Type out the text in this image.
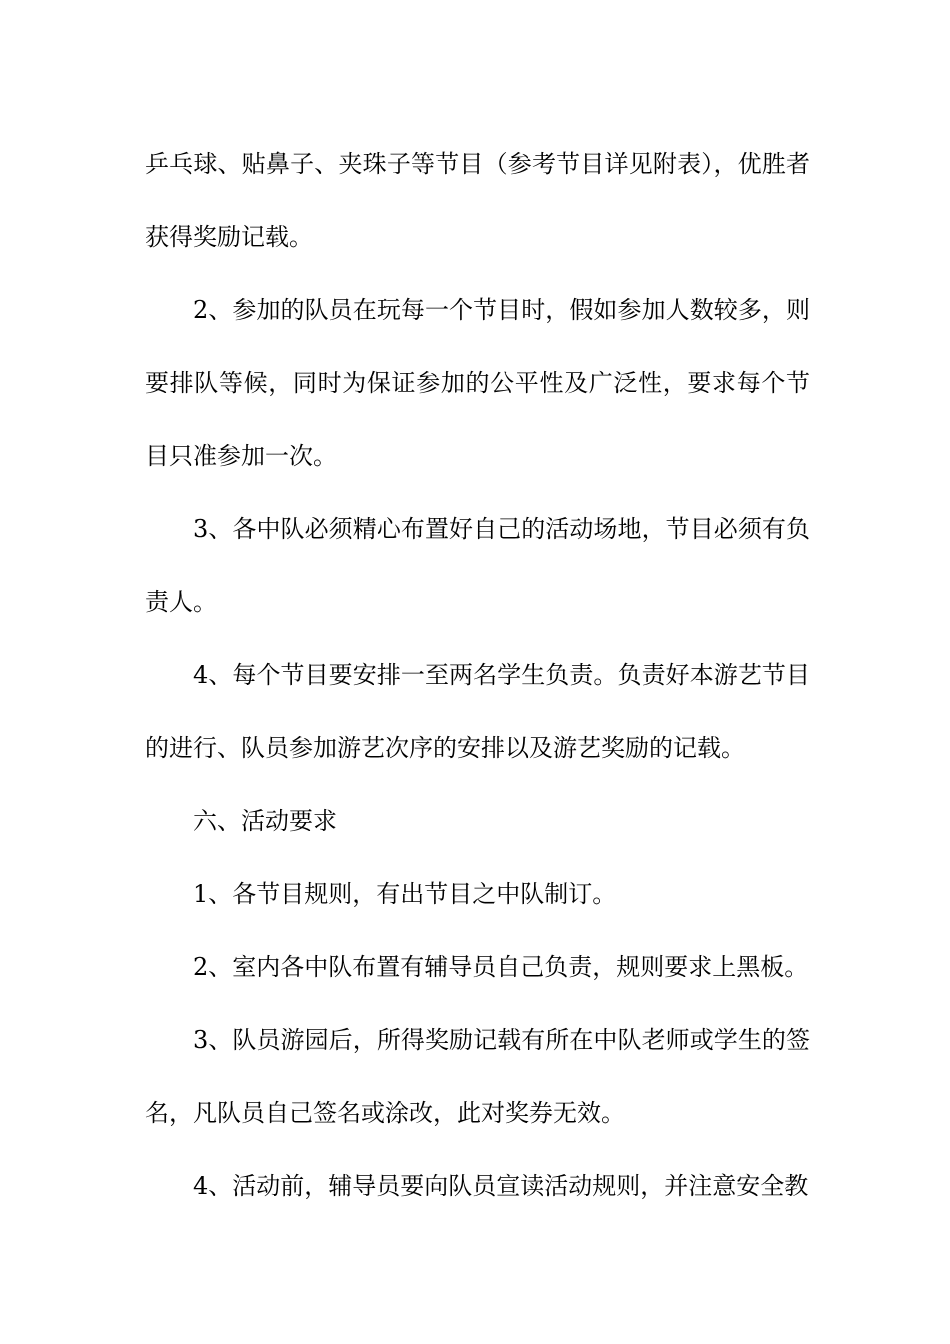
乒乓球、贴鼻子、夹珠子等节目（参考节目详见附表），优胜者获得奖励记载。

2、参加的队员在玩每一个节目时，假如参加人数较多，则要排队等候，同时为保证参加的公平性及广泛性，要求每个节目只准参加一次。

3、各中队必须精心布置好自己的活动场地，节目必须有负责人。

4、每个节目要安排一至两名学生负责。负责好本游艺节目的进行、队员参加游艺次序的安排以及游艺奖励的记载。

六、活动要求

1、各节目规则，有出节目之中队制订。

2、室内各中队布置有辅导员自己负责，规则要求上黑板。

3、队员游园后，所得奖励记载有所在中队老师或学生的签名，凡队员自己签名或涂改，此对奖券无效。

4、活动前，辅导员要向队员宣读活动规则，并注意安全教
